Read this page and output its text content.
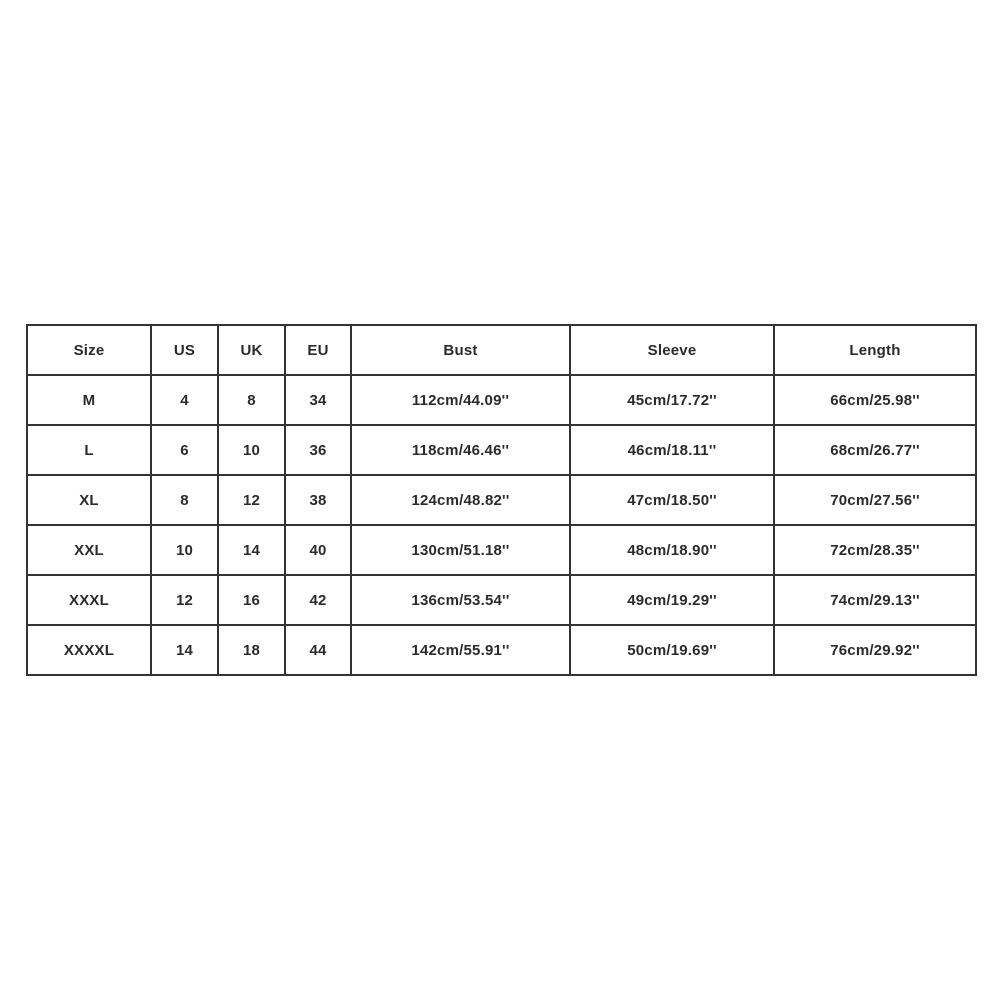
Size	US	UK	EU	Bust	Sleeve	Length
M	4	8	34	112cm/44.09''	45cm/17.72''	66cm/25.98''
L	6	10	36	118cm/46.46''	46cm/18.11''	68cm/26.77''
XL	8	12	38	124cm/48.82''	47cm/18.50''	70cm/27.56''
XXL	10	14	40	130cm/51.18''	48cm/18.90''	72cm/28.35''
XXXL	12	16	42	136cm/53.54''	49cm/19.29''	74cm/29.13''
XXXXL	14	18	44	142cm/55.91''	50cm/19.69''	76cm/29.92''
